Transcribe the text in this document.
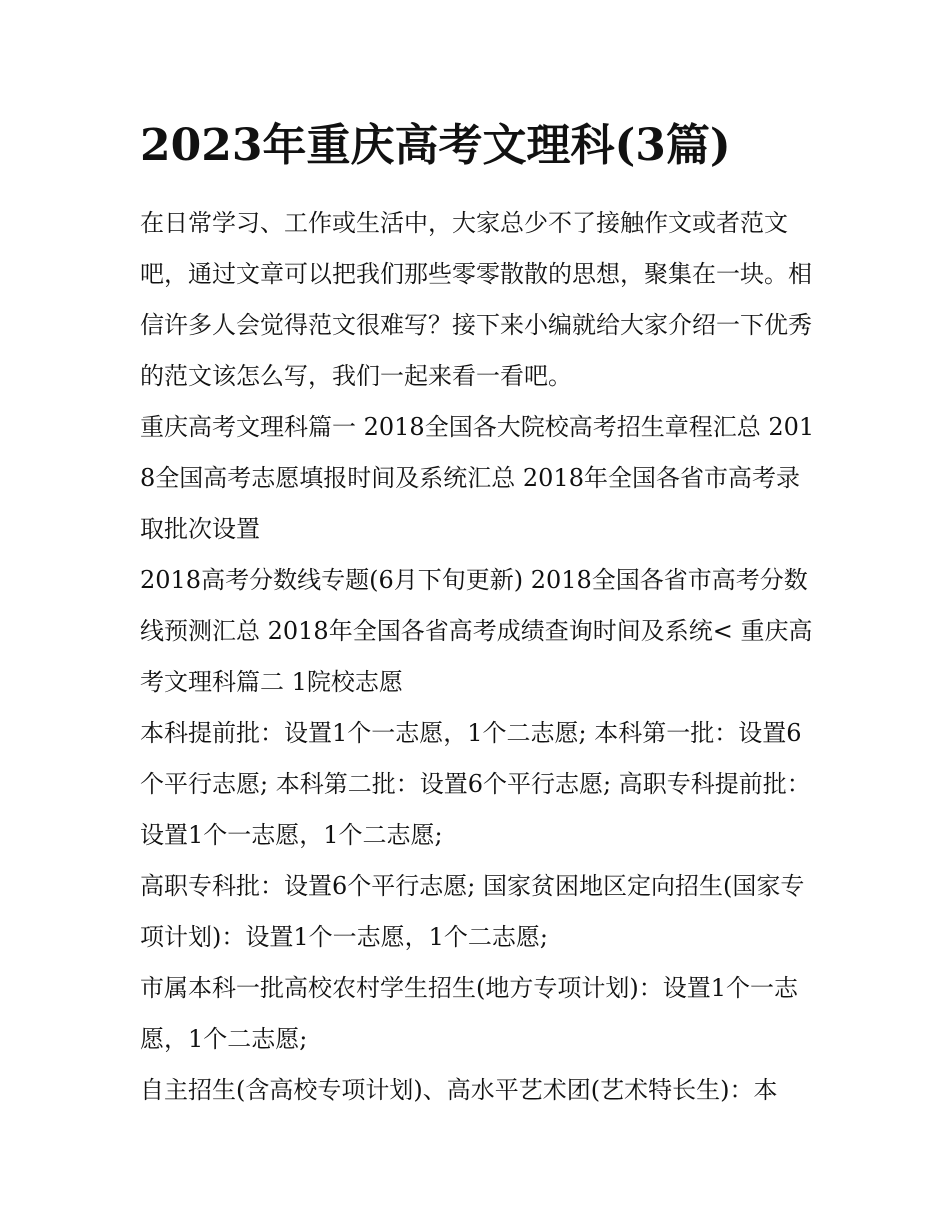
2023年重庆高考文理科(3篇)

在日常学习、工作或生活中，大家总少不了接触作文或者范文吧，通过文章可以把我们那些零零散散的思想，聚集在一块。相信许多人会觉得范文很难写？接下来小编就给大家介绍一下优秀的范文该怎么写，我们一起来看一看吧。

重庆高考文理科篇一 2018全国各大院校高考招生章程汇总 2018全国高考志愿填报时间及系统汇总 2018年全国各省市高考录取批次设置

2018高考分数线专题(6月下旬更新) 2018全国各省市高考分数线预测汇总 2018年全国各省高考成绩查询时间及系统< 重庆高考文理科篇二 1院校志愿

本科提前批：设置1个一志愿，1个二志愿; 本科第一批：设置6个平行志愿; 本科第二批：设置6个平行志愿; 高职专科提前批：设置1个一志愿，1个二志愿;

高职专科批：设置6个平行志愿; 国家贫困地区定向招生(国家专项计划)：设置1个一志愿，1个二志愿;

市属本科一批高校农村学生招生(地方专项计划)：设置1个一志愿，1个二志愿;

自主招生(含高校专项计划)、高水平艺术团(艺术特长生)：本
